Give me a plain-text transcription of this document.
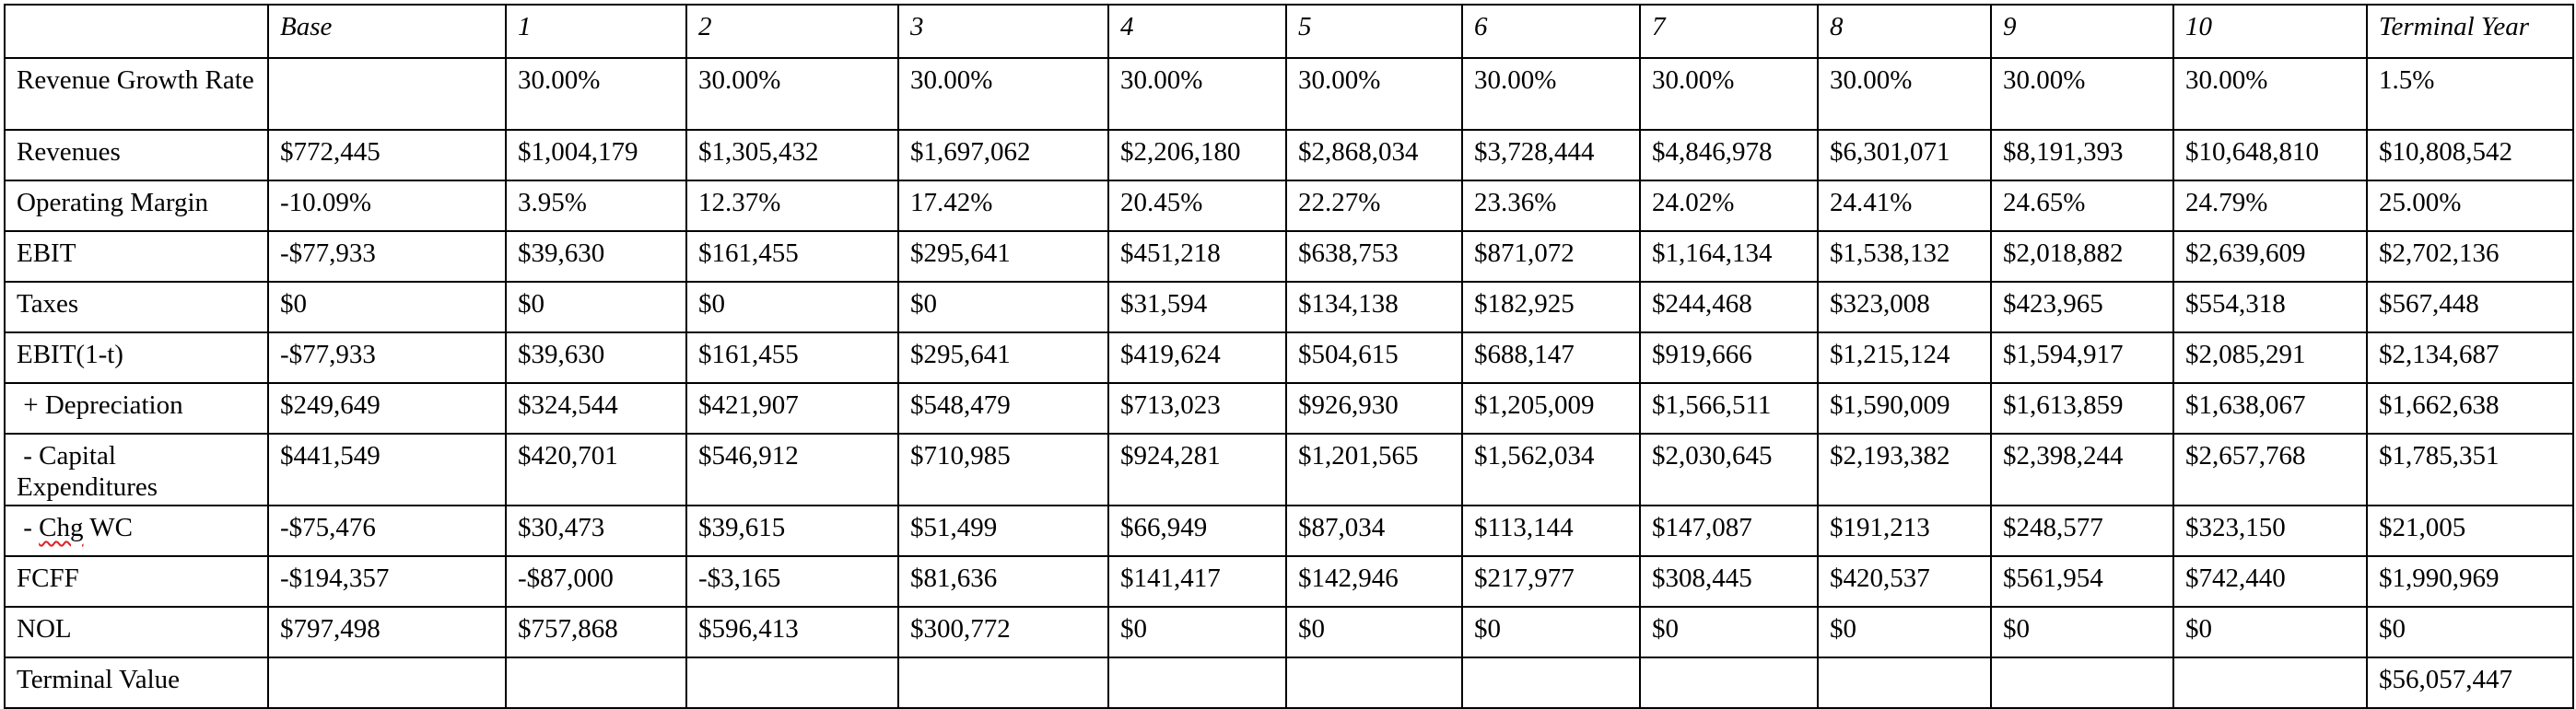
	Base	1	2	3	4	5	6	7	8	9	10	Terminal Year
Revenue Growth Rate		30.00%	30.00%	30.00%	30.00%	30.00%	30.00%	30.00%	30.00%	30.00%	30.00%	1.5%
Revenues	$772,445	$1,004,179	$1,305,432	$1,697,062	$2,206,180	$2,868,034	$3,728,444	$4,846,978	$6,301,071	$8,191,393	$10,648,810	$10,808,542
Operating Margin	-10.09%	3.95%	12.37%	17.42%	20.45%	22.27%	23.36%	24.02%	24.41%	24.65%	24.79%	25.00%
EBIT	-$77,933	$39,630	$161,455	$295,641	$451,218	$638,753	$871,072	$1,164,134	$1,538,132	$2,018,882	$2,639,609	$2,702,136
Taxes	$0	$0	$0	$0	$31,594	$134,138	$182,925	$244,468	$323,008	$423,965	$554,318	$567,448
EBIT(1-t)	-$77,933	$39,630	$161,455	$295,641	$419,624	$504,615	$688,147	$919,666	$1,215,124	$1,594,917	$2,085,291	$2,134,687
+ Depreciation	$249,649	$324,544	$421,907	$548,479	$713,023	$926,930	$1,205,009	$1,566,511	$1,590,009	$1,613,859	$1,638,067	$1,662,638
- Capital Expenditures	$441,549	$420,701	$546,912	$710,985	$924,281	$1,201,565	$1,562,034	$2,030,645	$2,193,382	$2,398,244	$2,657,768	$1,785,351
- Chg WC	-$75,476	$30,473	$39,615	$51,499	$66,949	$87,034	$113,144	$147,087	$191,213	$248,577	$323,150	$21,005
FCFF	-$194,357	-$87,000	-$3,165	$81,636	$141,417	$142,946	$217,977	$308,445	$420,537	$561,954	$742,440	$1,990,969
NOL	$797,498	$757,868	$596,413	$300,772	$0	$0	$0	$0	$0	$0	$0	$0
Terminal Value												$56,057,447
